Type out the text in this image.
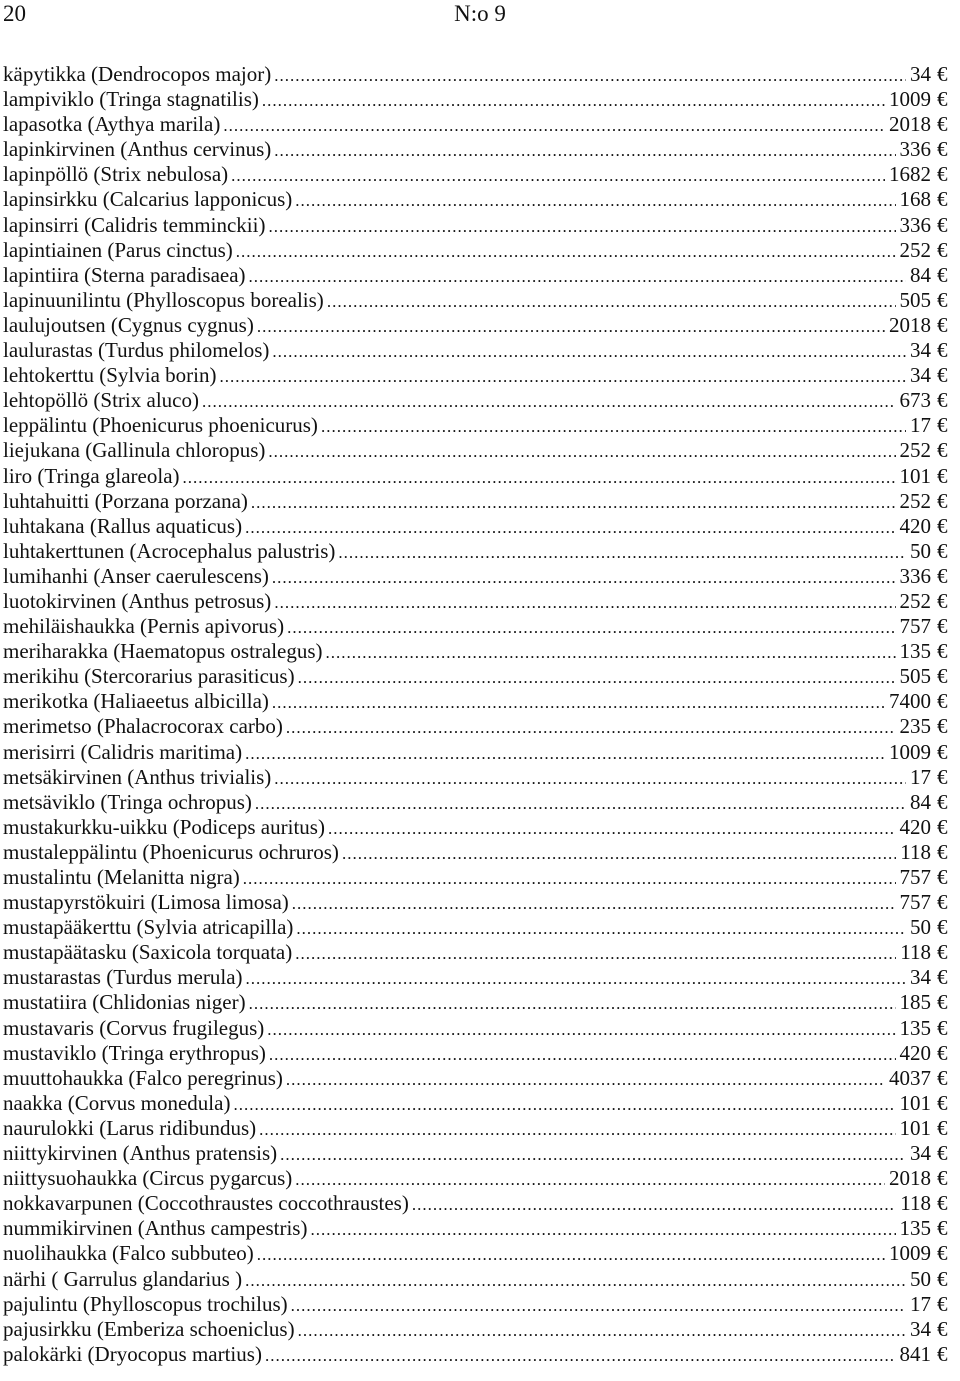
20	N:o 9
käpytikka (Dendrocopos major) .....	34 €
lampiviklo (Tringa stagnatilis) .....	1009 €
lapasotka (Aythya marila) .....	2018 €
lapinkirvinen (Anthus cervinus) .....	336 €
lapinpöllö (Strix nebulosa) .....	1682 €
lapinsirkku (Calcarius lapponicus) .....	168 €
lapinsirri (Calidris temminckii) .....	336 €
lapintiainen (Parus cinctus) .....	252 €
lapintiira (Sterna paradisaea) .....	84 €
lapinuunilintu (Phylloscopus borealis) .....	505 €
laulujoutsen (Cygnus cygnus) .....	2018 €
laulurastas (Turdus philomelos) .....	34 €
lehtokerttu (Sylvia borin) .....	34 €
lehtopöllö (Strix aluco) .....	673 €
leppälintu (Phoenicurus phoenicurus) .....	17 €
liejukana (Gallinula chloropus) .....	252 €
liro (Tringa glareola) .....	101 €
luhtahuitti (Porzana porzana) .....	252 €
luhtakana (Rallus aquaticus) .....	420 €
luhtakerttunen (Acrocephalus palustris) .....	50 €
lumihanhi (Anser caerulescens) .....	336 €
luotokirvinen (Anthus petrosus) .....	252 €
mehiläishaukka (Pernis apivorus) .....	757 €
meriharakka (Haematopus ostralegus) .....	135 €
merikihu (Stercorarius parasiticus) .....	505 €
merikotka (Haliaeetus albicilla) .....	7400 €
merimetso (Phalacrocorax carbo) .....	235 €
merisirri (Calidris maritima) .....	1009 €
metsäkirvinen (Anthus trivialis) .....	17 €
metsäviklo (Tringa ochropus) .....	84 €
mustakurkku-uikku (Podiceps auritus) .....	420 €
mustaleppälintu (Phoenicurus ochruros) .....	118 €
mustalintu (Melanitta nigra) .....	757 €
mustapyrstökuiri (Limosa limosa) .....	757 €
mustapääkerttu (Sylvia atricapilla) .....	50 €
mustapäätasku (Saxicola torquata) .....	118 €
mustarastas (Turdus merula) .....	34 €
mustatiira (Chlidonias niger) .....	185 €
mustavaris (Corvus frugilegus) .....	135 €
mustaviklo (Tringa erythropus) .....	420 €
muuttohaukka (Falco peregrinus) .....	4037 €
naakka (Corvus monedula) .....	101 €
naurulokki (Larus ridibundus) .....	101 €
niittykirvinen (Anthus pratensis) .....	34 €
niittysuohaukka (Circus pygarcus) .....	2018 €
nokkavarpunen (Coccothraustes coccothraustes) .....	118 €
nummikirvinen (Anthus campestris) .....	135 €
nuolihaukka (Falco subbuteo) .....	1009 €
närhi ( Garrulus glandarius ) .....	50 €
pajulintu (Phylloscopus trochilus) .....	17 €
pajusirkku (Emberiza schoeniclus) .....	34 €
palokärki (Dryocopus martius) .....	841 €
